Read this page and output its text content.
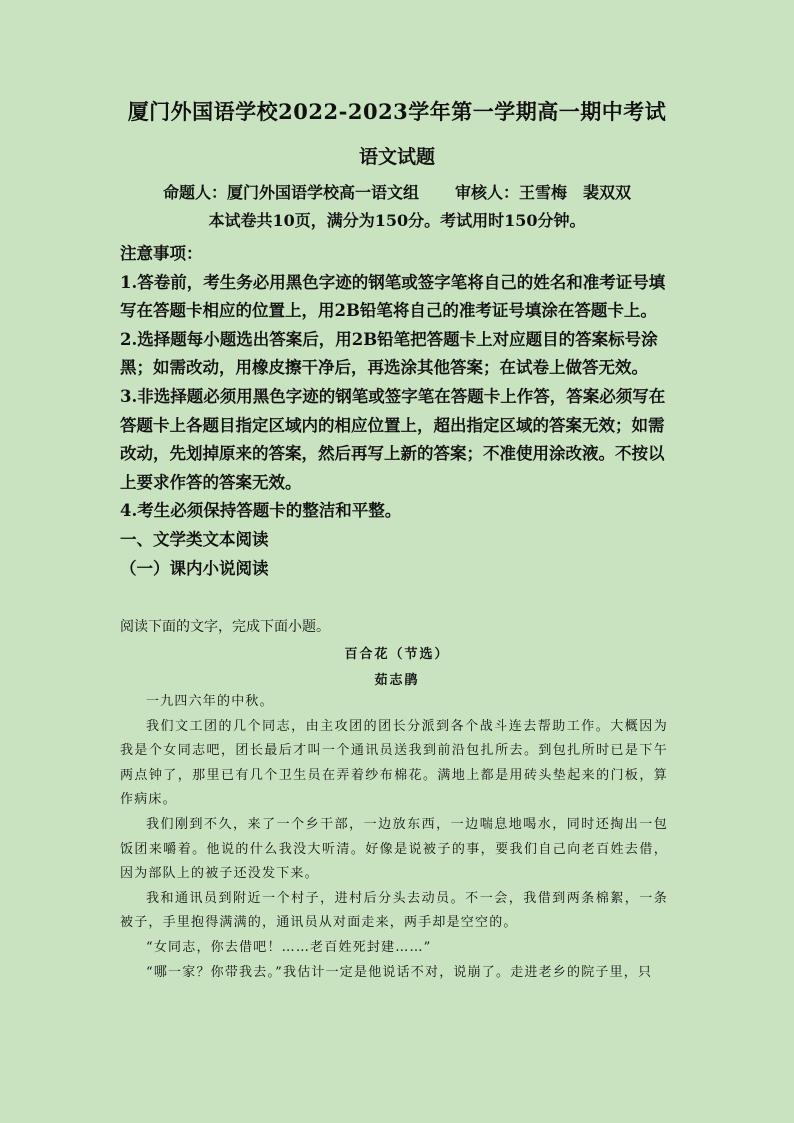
厦门外国语学校2022-2023学年第一学期高一期中考试
语文试题
命题人：厦门外国语学校高一语文组 审核人：王雪梅　裴双双
本试卷共10页，满分为150分。考试用时150分钟。

注意事项：

1.答卷前，考生务必用黑色字迹的钢笔或签字笔将自己的姓名和准考证号填写在答题卡相应的位置上，用2B铅笔将自己的准考证号填涂在答题卡上。

2.选择题每小题选出答案后，用2B铅笔把答题卡上对应题目的答案标号涂黑；如需改动，用橡皮擦干净后，再选涂其他答案；在试卷上做答无效。

3.非选择题必须用黑色字迹的钢笔或签字笔在答题卡上作答，答案必须写在答题卡上各题目指定区域内的相应位置上，超出指定区域的答案无效；如需改动，先划掉原来的答案，然后再写上新的答案；不准使用涂改液。不按以上要求作答的答案无效。

4.考生必须保持答题卡的整洁和平整。

一、文学类文本阅读

（一）课内小说阅读

阅读下面的文字，完成下面小题。
百合花（节选）
茹志鹃

一九四六年的中秋。

我们文工团的几个同志，由主攻团的团长分派到各个战斗连去帮助工作。大概因为我是个女同志吧，团长最后才叫一个通讯员送我到前沿包扎所去。到包扎所时已是下午两点钟了，那里已有几个卫生员在弄着纱布棉花。满地上都是用砖头垫起来的门板，算作病床。

我们刚到不久，来了一个乡干部，一边放东西，一边喘息地喝水，同时还掏出一包饭团来嚼着。他说的什么我没大听清。好像是说被子的事，要我们自己向老百姓去借，因为部队上的被子还没发下来。

我和通讯员到附近一个村子，进村后分头去动员。不一会，我借到两条棉絮，一条被子，手里抱得满满的，通讯员从对面走来，两手却是空空的。

“女同志，你去借吧！……老百姓死封建……”

“哪一家？你带我去。”我估计一定是他说话不对，说崩了。走进老乡的院子里，只
